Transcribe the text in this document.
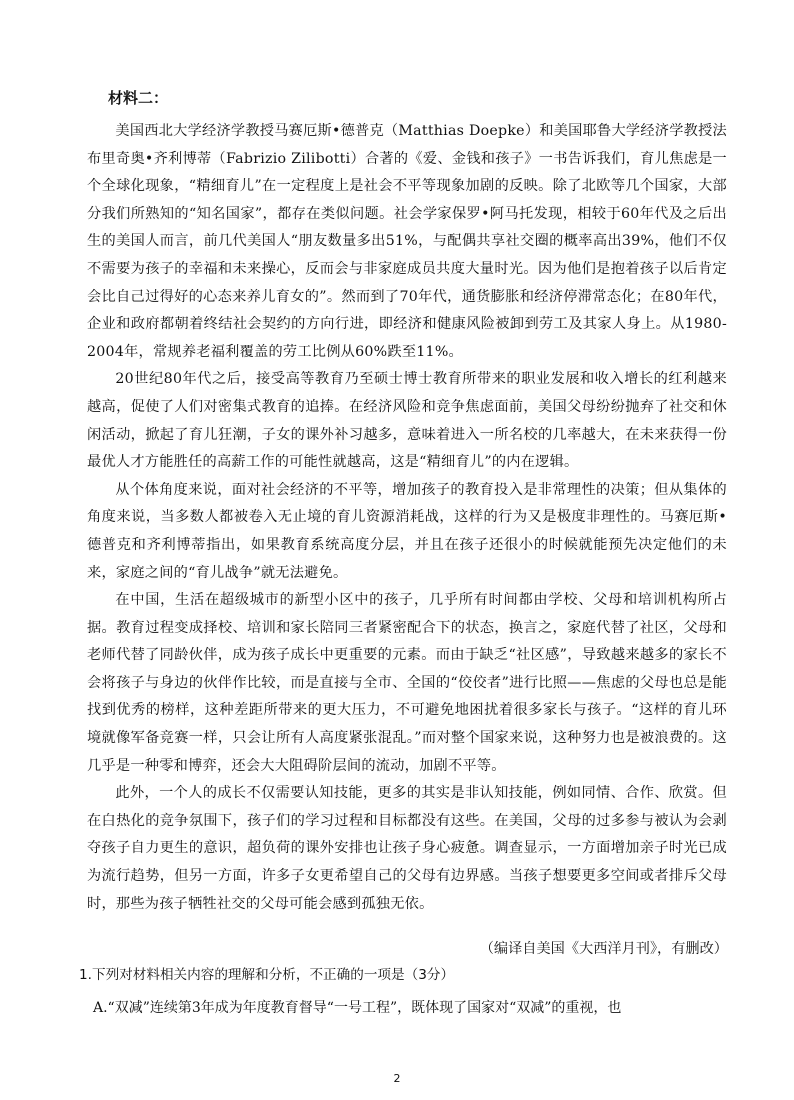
材料二：

美国西北大学经济学教授马赛厄斯•德普克（Matthias Doepke）和美国耶鲁大学经济学教授法布里奇奥•齐利博蒂（Fabrizio Zilibotti）合著的《爱、金钱和孩子》一书告诉我们，育儿焦虑是一个全球化现象，“精细育儿”在一定程度上是社会不平等现象加剧的反映。除了北欧等几个国家，大部分我们所熟知的“知名国家”，都存在类似问题。社会学家保罗•阿马托发现，相较于60年代及之后出生的美国人而言，前几代美国人“朋友数量多出51%，与配偶共享社交圈的概率高出39%，他们不仅不需要为孩子的幸福和未来操心，反而会与非家庭成员共度大量时光。因为他们是抱着孩子以后肯定会比自己过得好的心态来养儿育女的”。然而到了70年代，通货膨胀和经济停滞常态化；在80年代，企业和政府都朝着终结社会契约的方向行进，即经济和健康风险被卸到劳工及其家人身上。从1980-2004年，常规养老福利覆盖的劳工比例从60%跌至11%。

20世纪80年代之后，接受高等教育乃至硕士博士教育所带来的职业发展和收入增长的红利越来越高，促使了人们对密集式教育的追捧。在经济风险和竞争焦虑面前，美国父母纷纷抛弃了社交和休闲活动，掀起了育儿狂潮，子女的课外补习越多，意味着进入一所名校的几率越大，在未来获得一份最优人才方能胜任的高薪工作的可能性就越高，这是“精细育儿”的内在逻辑。

从个体角度来说，面对社会经济的不平等，增加孩子的教育投入是非常理性的决策；但从集体的角度来说，当多数人都被卷入无止境的育儿资源消耗战，这样的行为又是极度非理性的。马赛厄斯•德普克和齐利博蒂指出，如果教育系统高度分层，并且在孩子还很小的时候就能预先决定他们的未来，家庭之间的“育儿战争”就无法避免。

在中国，生活在超级城市的新型小区中的孩子，几乎所有时间都由学校、父母和培训机构所占据。教育过程变成择校、培训和家长陪同三者紧密配合下的状态，换言之，家庭代替了社区，父母和老师代替了同龄伙伴，成为孩子成长中更重要的元素。而由于缺乏“社区感”，导致越来越多的家长不会将孩子与身边的伙伴作比较，而是直接与全市、全国的“佼佼者”进行比照——焦虑的父母也总是能找到优秀的榜样，这种差距所带来的更大压力，不可避免地困扰着很多家长与孩子。“这样的育儿环境就像军备竞赛一样，只会让所有人高度紧张混乱。”而对整个国家来说，这种努力也是被浪费的。这几乎是一种零和博弈，还会大大阻碍阶层间的流动，加剧不平等。

此外，一个人的成长不仅需要认知技能，更多的其实是非认知技能，例如同情、合作、欣赏。但在白热化的竞争氛围下，孩子们的学习过程和目标都没有这些。在美国，父母的过多参与被认为会剥夺孩子自力更生的意识，超负荷的课外安排也让孩子身心疲惫。调查显示，一方面增加亲子时光已成为流行趋势，但另一方面，许多子女更希望自己的父母有边界感。当孩子想要更多空间或者排斥父母时，那些为孩子牺牲社交的父母可能会感到孤独无依。

（编译自美国《大西洋月刊》，有删改）

1.下列对材料相关内容的理解和分析，不正确的一项是（3分）

A.“双减”连续第3年成为年度教育督导“一号工程”，既体现了国家对“双减”的重视，也

2
